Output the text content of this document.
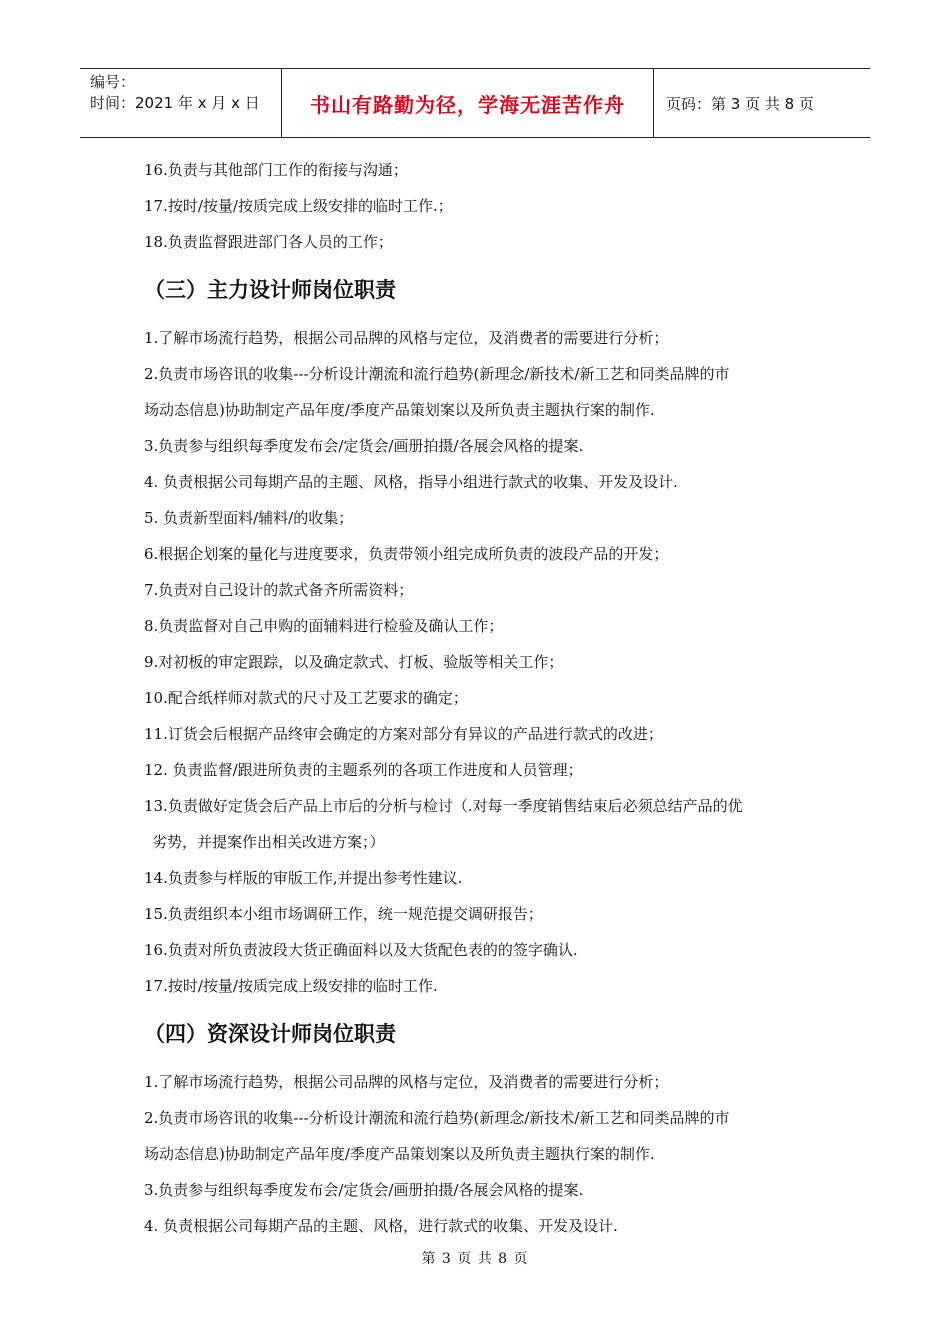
编号：
时间：2021 年 x 月 x 日	书山有路勤为径，学海无涯苦作舟	页码：第 3 页 共 8 页
16.负责与其他部门工作的衔接与沟通；
17.按时/按量/按质完成上级安排的临时工作.；
18.负责监督跟进部门各人员的工作；
（三）主力设计师岗位职责
1.了解市场流行趋势，根据公司品牌的风格与定位，及消费者的需要进行分析；
2.负责市场咨讯的收集---分析设计潮流和流行趋势(新理念/新技术/新工艺和同类品牌的市
场动态信息)协助制定产品年度/季度产品策划案以及所负责主题执行案的制作.
3.负责参与组织每季度发布会/定货会/画册拍摄/各展会风格的提案.
4. 负责根据公司每期产品的主题、风格，指导小组进行款式的收集、开发及设计.
5. 负责新型面料/辅料/的收集；
6.根据企划案的量化与进度要求，负责带领小组完成所负责的波段产品的开发；
7.负责对自己设计的款式备齐所需资料；
8.负责监督对自己申购的面辅料进行检验及确认工作；
9.对初板的审定跟踪，以及确定款式、打板、验版等相关工作；
10.配合纸样师对款式的尺寸及工艺要求的确定；
11.订货会后根据产品终审会确定的方案对部分有异议的产品进行款式的改进；
12. 负责监督/跟进所负责的主题系列的各项工作进度和人员管理；
13.负责做好定货会后产品上市后的分析与检讨（.对每一季度销售结束后必须总结产品的优
劣势，并提案作出相关改进方案；）
14.负责参与样版的审版工作,并提出参考性建议.
15.负责组织本小组市场调研工作，统一规范提交调研报告；
16.负责对所负责波段大货正确面料以及大货配色表的的签字确认.
17.按时/按量/按质完成上级安排的临时工作.
（四）资深设计师岗位职责
1.了解市场流行趋势，根据公司品牌的风格与定位，及消费者的需要进行分析；
2.负责市场咨讯的收集---分析设计潮流和流行趋势(新理念/新技术/新工艺和同类品牌的市
场动态信息)协助制定产品年度/季度产品策划案以及所负责主题执行案的制作.
3.负责参与组织每季度发布会/定货会/画册拍摄/各展会风格的提案.
4. 负责根据公司每期产品的主题、风格，进行款式的收集、开发及设计.
第 3 页 共 8 页
